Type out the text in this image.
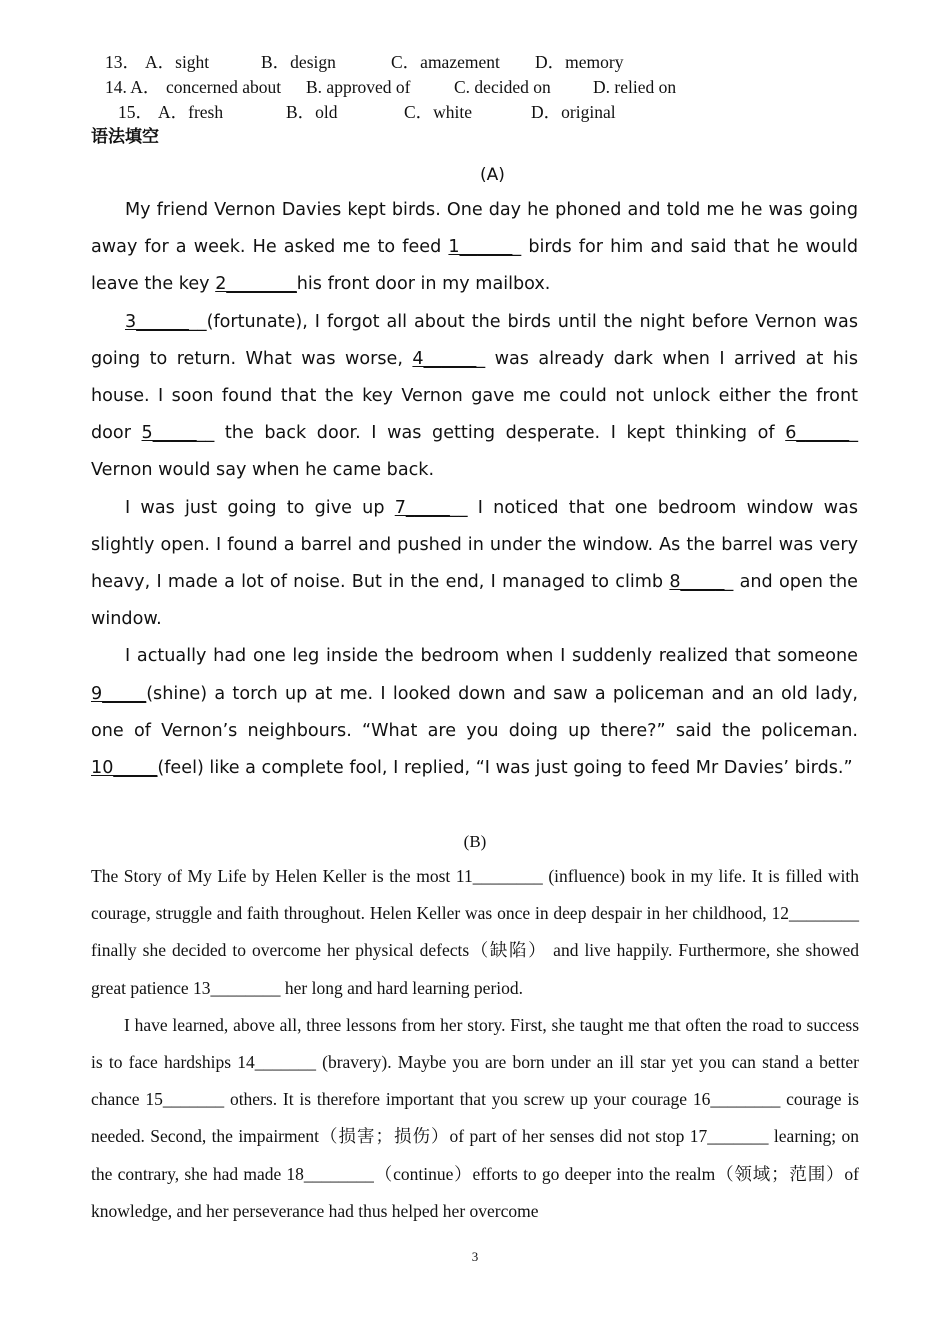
13． A．sight	B．design	C．amazement D．memory
14. A． concerned about B. approved of C. decided on D. relied on
15． A．fresh	B．old	C．white	D．original
语法填空
(A)

My friend Vernon Davies kept birds. One day he phoned and told me he was going away for a week. He asked me to feed 1_______ birds for him and said that he would leave the key 2________his front door in my mailbox.

3________(fortunate), I forgot all about the birds until the night before Vernon was going to return. What was worse, 4_______ was already dark when I arrived at his house. I soon found that the key Vernon gave me could not unlock either the front door 5_______ the back door. I was getting desperate. I kept thinking of 6_______ Vernon would say when he came back.

I was just going to give up 7_______ I noticed that one bedroom window was slightly open. I found a barrel and pushed in under the window. As the barrel was very heavy, I made a lot of noise. But in the end, I managed to climb 8______ and open the window.

I actually had one leg inside the bedroom when I suddenly realized that someone 9_____(shine) a torch up at me. I looked down and saw a policeman and an old lady, one of Vernon’s neighbours. “What are you doing up there?” said the policeman. 10_____(feel) like a complete fool, I replied, “I was just going to feed Mr Davies’ birds.”

(B)

The Story of My Life by Helen Keller is the most 11________ (influence) book in my life. It is filled with courage, struggle and faith throughout. Helen Keller was once in deep despair in her childhood, 12________ finally she decided to overcome her physical defects（缺陷） and live happily. Furthermore, she showed great patience 13________ her long and hard learning period.

I have learned, above all, three lessons from her story. First, she taught me that often the road to success is to face hardships 14_______ (bravery). Maybe you are born under an ill star yet you can stand a better chance 15_______ others. It is therefore important that you screw up your courage 16________ courage is needed. Second, the impairment（损害；损伤）of part of her senses did not stop 17_______ learning; on the contrary, she had made 18________（continue）efforts to go deeper into the realm（领域；范围）of knowledge, and her perseverance had thus helped her overcome

3
